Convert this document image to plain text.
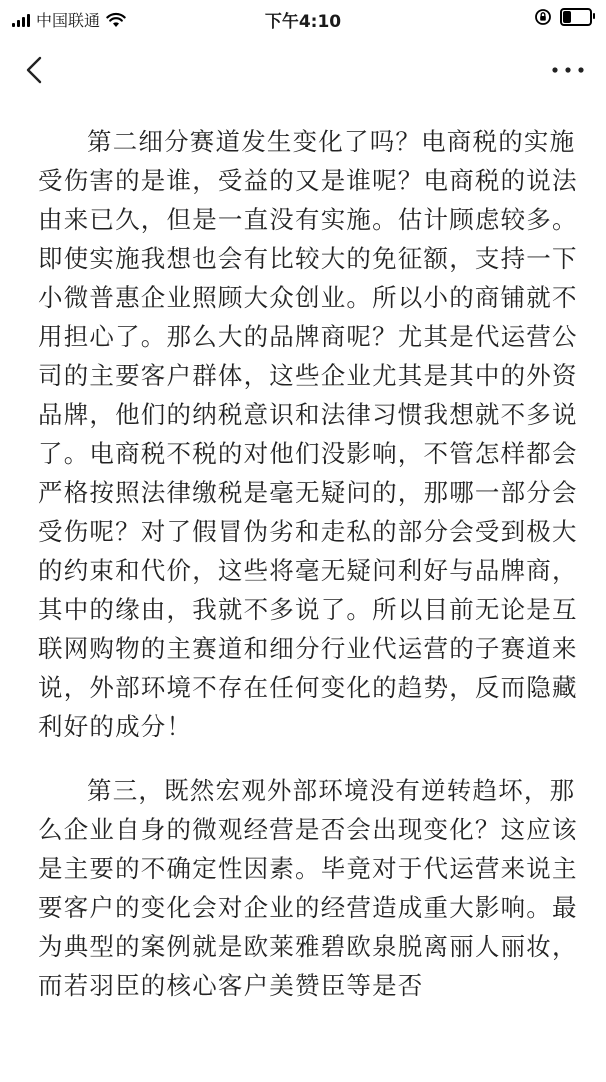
中国联通	下午4:10

第二细分赛道发生变化了吗？电商税的实施受伤害的是谁，受益的又是谁呢？电商税的说法由来已久，但是一直没有实施。估计顾虑较多。即使实施我想也会有比较大的免征额，支持一下小微普惠企业照顾大众创业。所以小的商铺就不用担心了。那么大的品牌商呢？尤其是代运营公司的主要客户群体，这些企业尤其是其中的外资品牌，他们的纳税意识和法律习惯我想就不多说了。电商税不税的对他们没影响，不管怎样都会严格按照法律缴税是毫无疑问的，那哪一部分会受伤呢？对了假冒伪劣和走私的部分会受到极大的约束和代价，这些将毫无疑问利好与品牌商，其中的缘由，我就不多说了。所以目前无论是互联网购物的主赛道和细分行业代运营的子赛道来说，外部环境不存在任何变化的趋势，反而隐藏利好的成分！

第三，既然宏观外部环境没有逆转趋坏，那么企业自身的微观经营是否会出现变化？这应该是主要的不确定性因素。毕竟对于代运营来说主要客户的变化会对企业的经营造成重大影响。最为典型的案例就是欧莱雅碧欧泉脱离丽人丽妆，而若羽臣的核心客户美赞臣等是否
